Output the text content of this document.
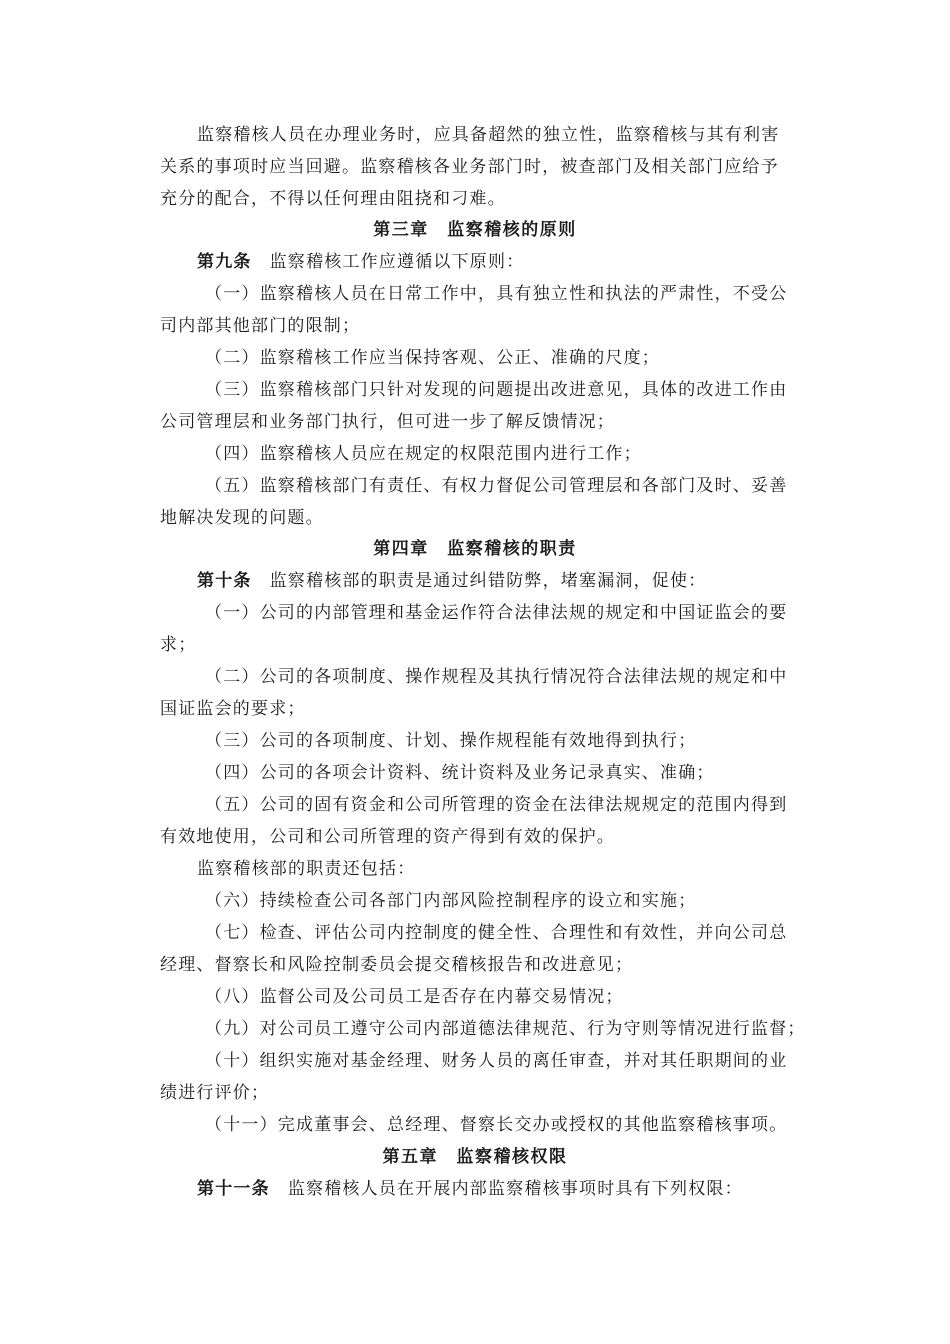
监察稽核人员在办理业务时，应具备超然的独立性，监察稽核与其有利害
关系的事项时应当回避。监察稽核各业务部门时，被查部门及相关部门应给予
充分的配合，不得以任何理由阻挠和刁难。
第三章　监察稽核的原则
第九条 监察稽核工作应遵循以下原则：
（一）监察稽核人员在日常工作中，具有独立性和执法的严肃性，不受公
司内部其他部门的限制；
（二）监察稽核工作应当保持客观、公正、准确的尺度；
（三）监察稽核部门只针对发现的问题提出改进意见，具体的改进工作由
公司管理层和业务部门执行，但可进一步了解反馈情况；
（四）监察稽核人员应在规定的权限范围内进行工作；
（五）监察稽核部门有责任、有权力督促公司管理层和各部门及时、妥善
地解决发现的问题。
第四章　监察稽核的职责
第十条 监察稽核部的职责是通过纠错防弊，堵塞漏洞，促使：
（一）公司的内部管理和基金运作符合法律法规的规定和中国证监会的要
求；
（二）公司的各项制度、操作规程及其执行情况符合法律法规的规定和中
国证监会的要求；
（三）公司的各项制度、计划、操作规程能有效地得到执行；
（四）公司的各项会计资料、统计资料及业务记录真实、准确；
（五）公司的固有资金和公司所管理的资金在法律法规规定的范围内得到
有效地使用，公司和公司所管理的资产得到有效的保护。
监察稽核部的职责还包括：
（六）持续检查公司各部门内部风险控制程序的设立和实施；
（七）检查、评估公司内控制度的健全性、合理性和有效性，并向公司总
经理、督察长和风险控制委员会提交稽核报告和改进意见；
（八）监督公司及公司员工是否存在内幕交易情况；
（九）对公司员工遵守公司内部道德法律规范、行为守则等情况进行监督；
（十）组织实施对基金经理、财务人员的离任审查，并对其任职期间的业
绩进行评价；
（十一）完成董事会、总经理、督察长交办或授权的其他监察稽核事项。
第五章　监察稽核权限
第十一条 监察稽核人员在开展内部监察稽核事项时具有下列权限：
